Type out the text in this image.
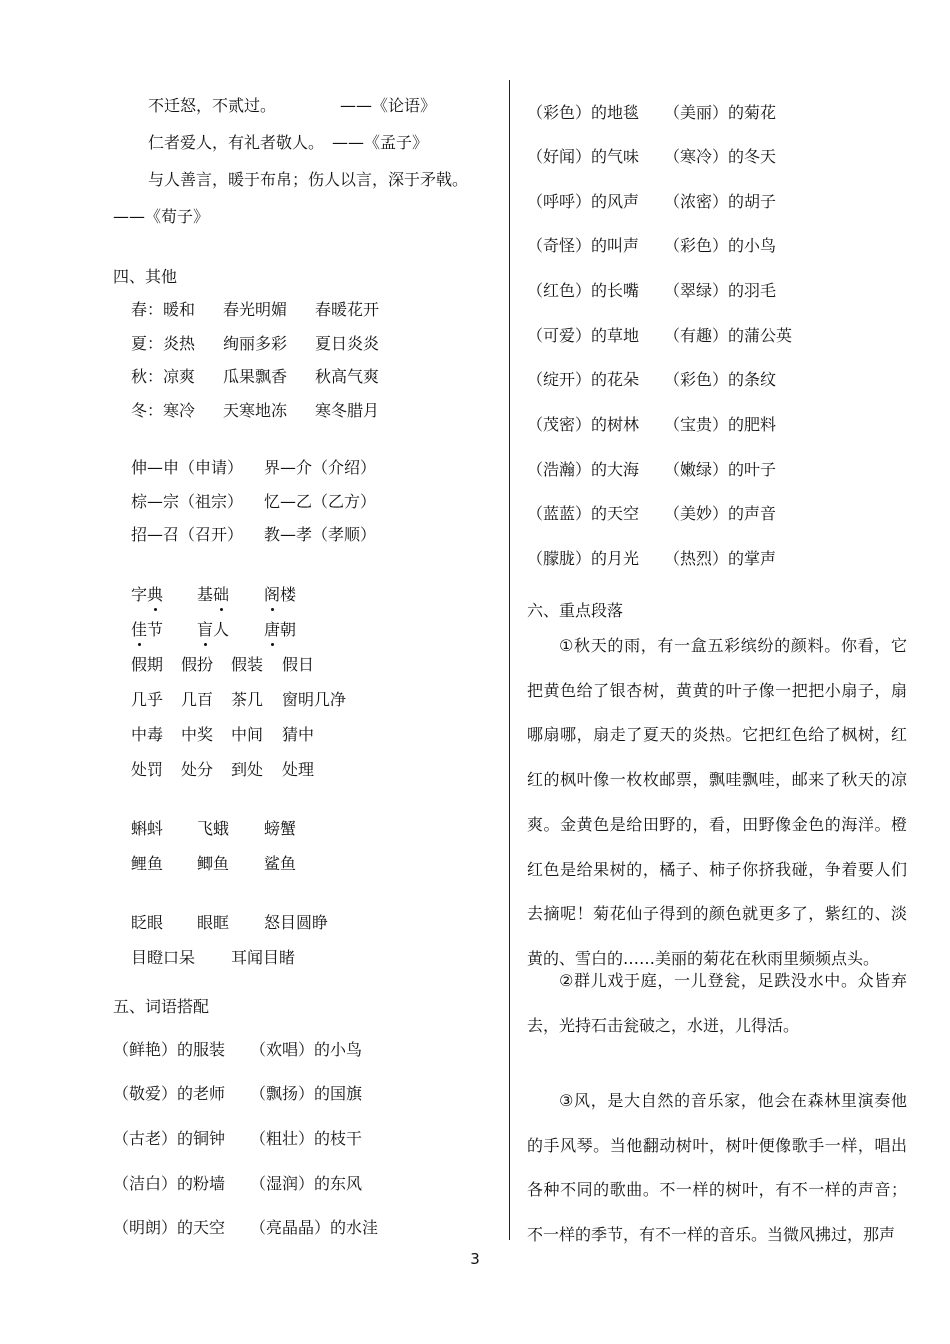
不迁怒，不贰过。	——《论语》
仁者爱人，有礼者敬人。 ——《孟子》
与人善言，暖于布帛；伤人以言，深于矛戟。
——《荀子》
四、其他
春：暖和 春光明媚 春暖花开
夏：炎热 绚丽多彩 夏日炎炎
秋：凉爽 瓜果飘香 秋高气爽
冬：寒冷 天寒地冻 寒冬腊月
伸—申（申请） 界—介（介绍）
棕—宗（祖宗） 忆—乙（乙方）
招—召（召开） 教—孝（孝顺）
字典 基础 阁楼
佳节 盲人 唐朝
假期 假扮 假装 假日
几乎 几百 茶几 窗明几净
中毒 中奖 中间 猜中
处罚 处分 到处 处理
蝌蚪 飞蛾 螃蟹
鲤鱼 鲫鱼 鲨鱼
眨眼 眼眶 怒目圆睁
目瞪口呆 耳闻目睹
五、词语搭配
（鲜艳）的服装 （欢唱）的小鸟
（敬爱）的老师 （飘扬）的国旗
（古老）的铜钟 （粗壮）的枝干
（洁白）的粉墙 （湿润）的东风
（明朗）的天空 （亮晶晶）的水洼
（彩色）的地毯 （美丽）的菊花
（好闻）的气味 （寒冷）的冬天
（呼呼）的风声 （浓密）的胡子
（奇怪）的叫声 （彩色）的小鸟
（红色）的长嘴 （翠绿）的羽毛
（可爱）的草地 （有趣）的蒲公英
（绽开）的花朵 （彩色）的条纹
（茂密）的树林 （宝贵）的肥料
（浩瀚）的大海 （嫩绿）的叶子
（蓝蓝）的天空 （美妙）的声音
（朦胧）的月光 （热烈）的掌声
六、重点段落
①秋天的雨，有一盒五彩缤纷的颜料。你看，它把黄色给了银杏树，黄黄的叶子像一把把小扇子，扇哪扇哪，扇走了夏天的炎热。它把红色给了枫树，红红的枫叶像一枚枚邮票，飘哇飘哇，邮来了秋天的凉爽。金黄色是给田野的，看，田野像金色的海洋。橙红色是给果树的，橘子、柿子你挤我碰，争着要人们去摘呢！菊花仙子得到的颜色就更多了，紫红的、淡黄的、雪白的……美丽的菊花在秋雨里频频点头。
②群儿戏于庭，一儿登瓮，足跌没水中。众皆弃去，光持石击瓮破之，水迸，儿得活。
③风，是大自然的音乐家，他会在森林里演奏他的手风琴。当他翻动树叶，树叶便像歌手一样，唱出各种不同的歌曲。不一样的树叶，有不一样的声音；不一样的季节，有不一样的音乐。当微风拂过，那声
3
